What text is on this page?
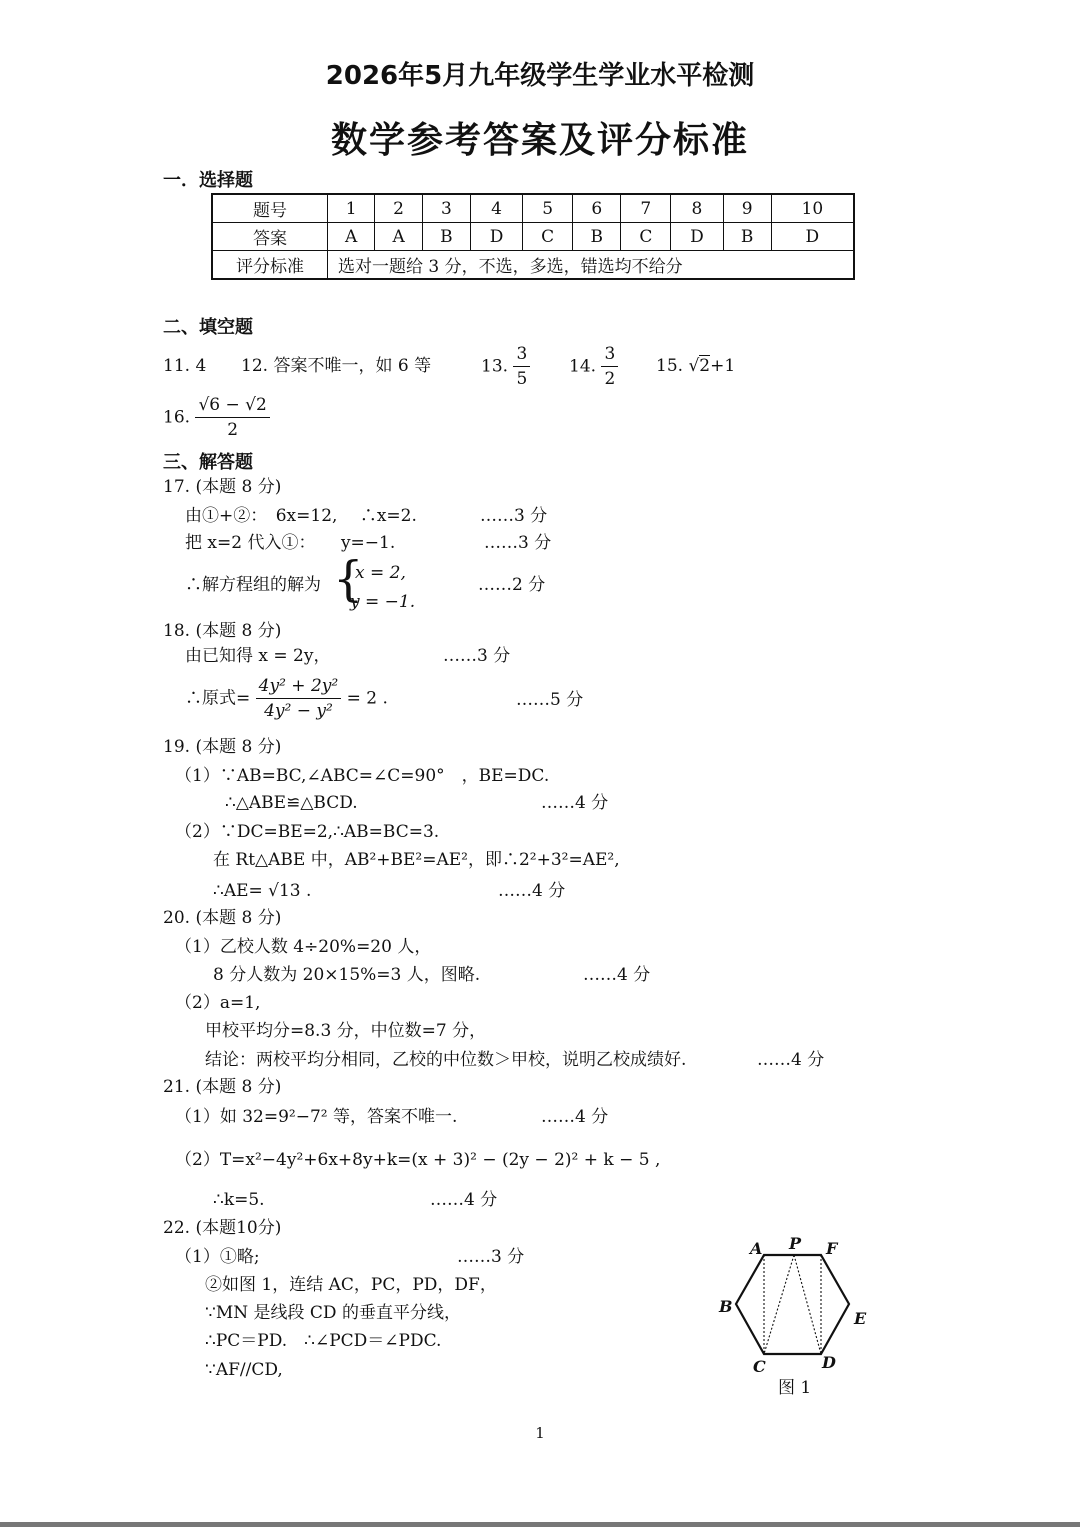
2026年5月九年级学生学业水平检测
数学参考答案及评分标准
一．选择题
题号	1	2	3	4	5	6	7	8	9	10
答案	A	A	B	D	C	B	C	D	B	D
评分标准	选对一题给 3 分，不选，多选，错选均不给分									
二、填空题
11. 4 12. 答案不唯一，如 6 等	13. $\frac{3}{5} 14$. $\frac{3}{2} 15$. √2+1
16. $\frac{√6 - √2}{2}$
三、解答题
17. (本题 8 分)
由①+②：　6x=12,　 ∴x=2.	……3 分
把 x=2 代入①：　　y=−1.	……3 分
∴解方程组的解为 {
x = 2,
y = −1.
……2 分
18. (本题 8 分)
由已知得 x = 2y，	……3 分
∴原式= $\frac{\text{4y² + 2y²}}{\text{4y² − y²}} = 2$ .	……5 分
19. (本题 8 分)
（1）∵AB=BC,∠ABC=∠C=90°　，BE=DC.
∴△ABE≌△BCD.	……4 分
（2）∵DC=BE=2,∴AB=BC=3.
在 Rt△ABE 中，AB²+BE²=AE²，即∴2²+3²=AE²,
∴AE= √13 .	……4 分
20. (本题 8 分)
（1）乙校人数 4÷20%=20 人，
8 分人数为 20×15%=3 人，图略.	……4 分
（2）a=1,
甲校平均分=8.3 分，中位数=7 分，
结论：两校平均分相同，乙校的中位数＞甲校，说明乙校成绩好.	……4 分
21. (本题 8 分)
（1）如 32=9²−7² 等，答案不唯一.	……4 分
（2）T=x²−4y²+6x+8y+k=(x + 3)² − (2y − 2)² + k − 5 ,
∴k=5.	……4 分
22. (本题10分)
（1）①略;	……3 分
②如图 1，连结 AC，PC，PD，DF，
∵MN 是线段 CD 的垂直平分线，
∴PC＝PD.　∴∠PCD＝∠PDC.
∵AF//CD,
A P F
B
E
C	D
图 1
1
